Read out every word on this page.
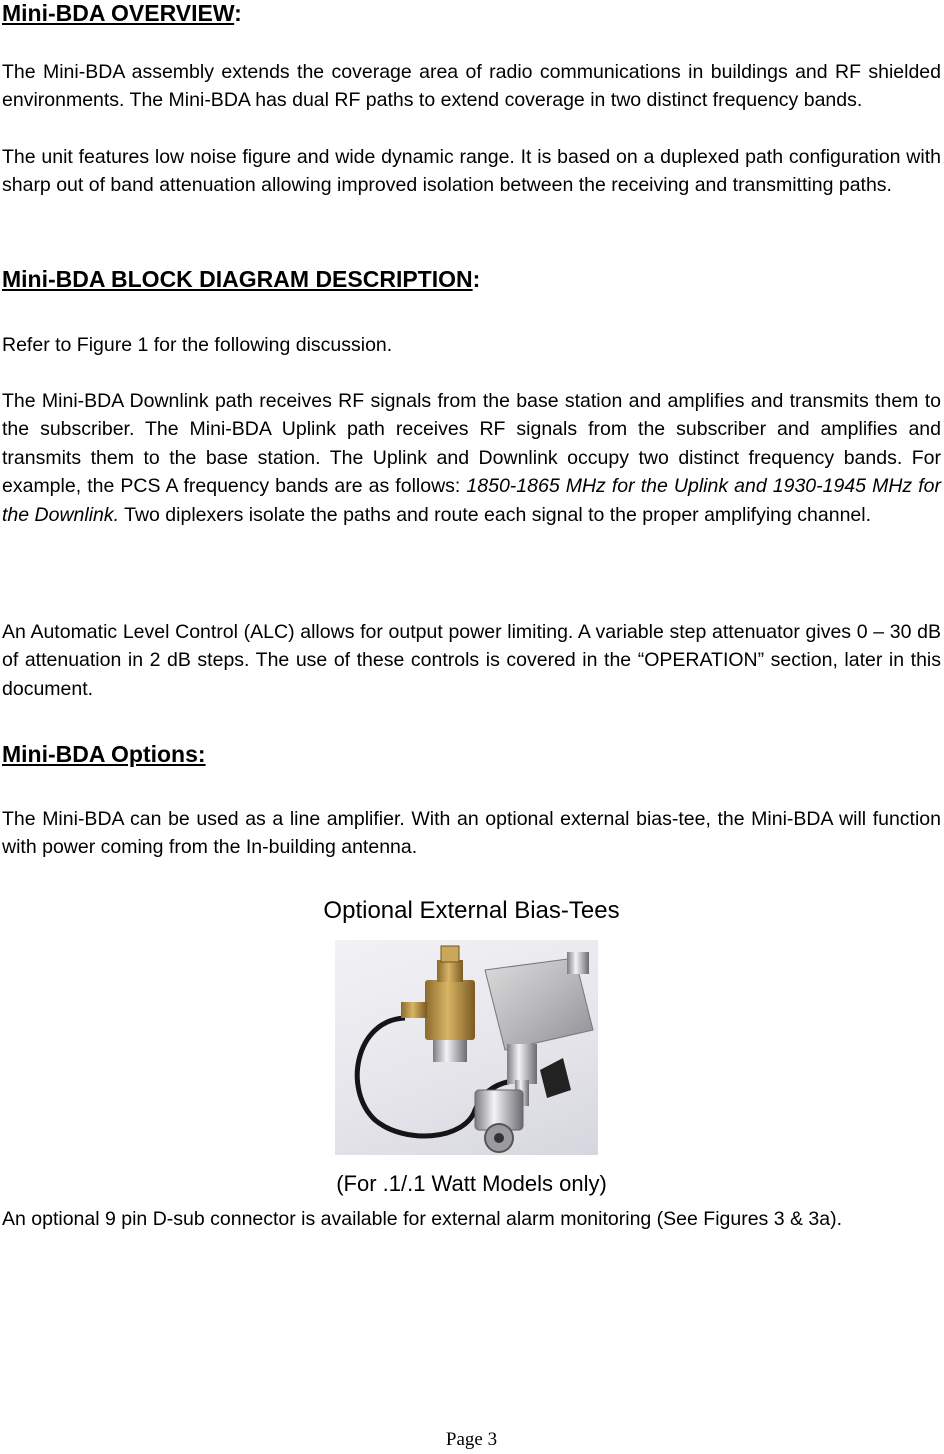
Mini-BDA OVERVIEW:

The Mini-BDA assembly extends the coverage area of radio communications in buildings and RF shielded environments. The Mini-BDA has dual RF paths to extend coverage in two distinct frequency bands.

The unit features low noise figure and wide dynamic range. It is based on a duplexed path configuration with sharp out of band attenuation allowing improved isolation between the receiving and transmitting paths.

Mini-BDA BLOCK DIAGRAM DESCRIPTION:

Refer to Figure 1 for the following discussion.

The Mini-BDA Downlink path receives RF signals from the base station and amplifies and transmits them to the subscriber. The Mini-BDA Uplink path receives RF signals from the subscriber and amplifies and transmits them to the base station. The Uplink and Downlink occupy two distinct frequency bands. For example, the PCS A frequency bands are as follows: 1850-1865 MHz for the Uplink and 1930-1945 MHz for the Downlink. Two diplexers isolate the paths and route each signal to the proper amplifying channel.

An Automatic Level Control (ALC) allows for output power limiting. A variable step attenuator gives 0 – 30 dB of attenuation in 2 dB steps. The use of these controls is covered in the “OPERATION” section, later in this document.

Mini-BDA Options:

The Mini-BDA can be used as a line amplifier. With an optional external bias-tee, the Mini-BDA will function with power coming from the In-building antenna.

Optional External Bias-Tees

(For .1/.1 Watt Models only)

An optional 9 pin D-sub connector is available for external alarm monitoring (See Figures 3 & 3a).

Page 3
